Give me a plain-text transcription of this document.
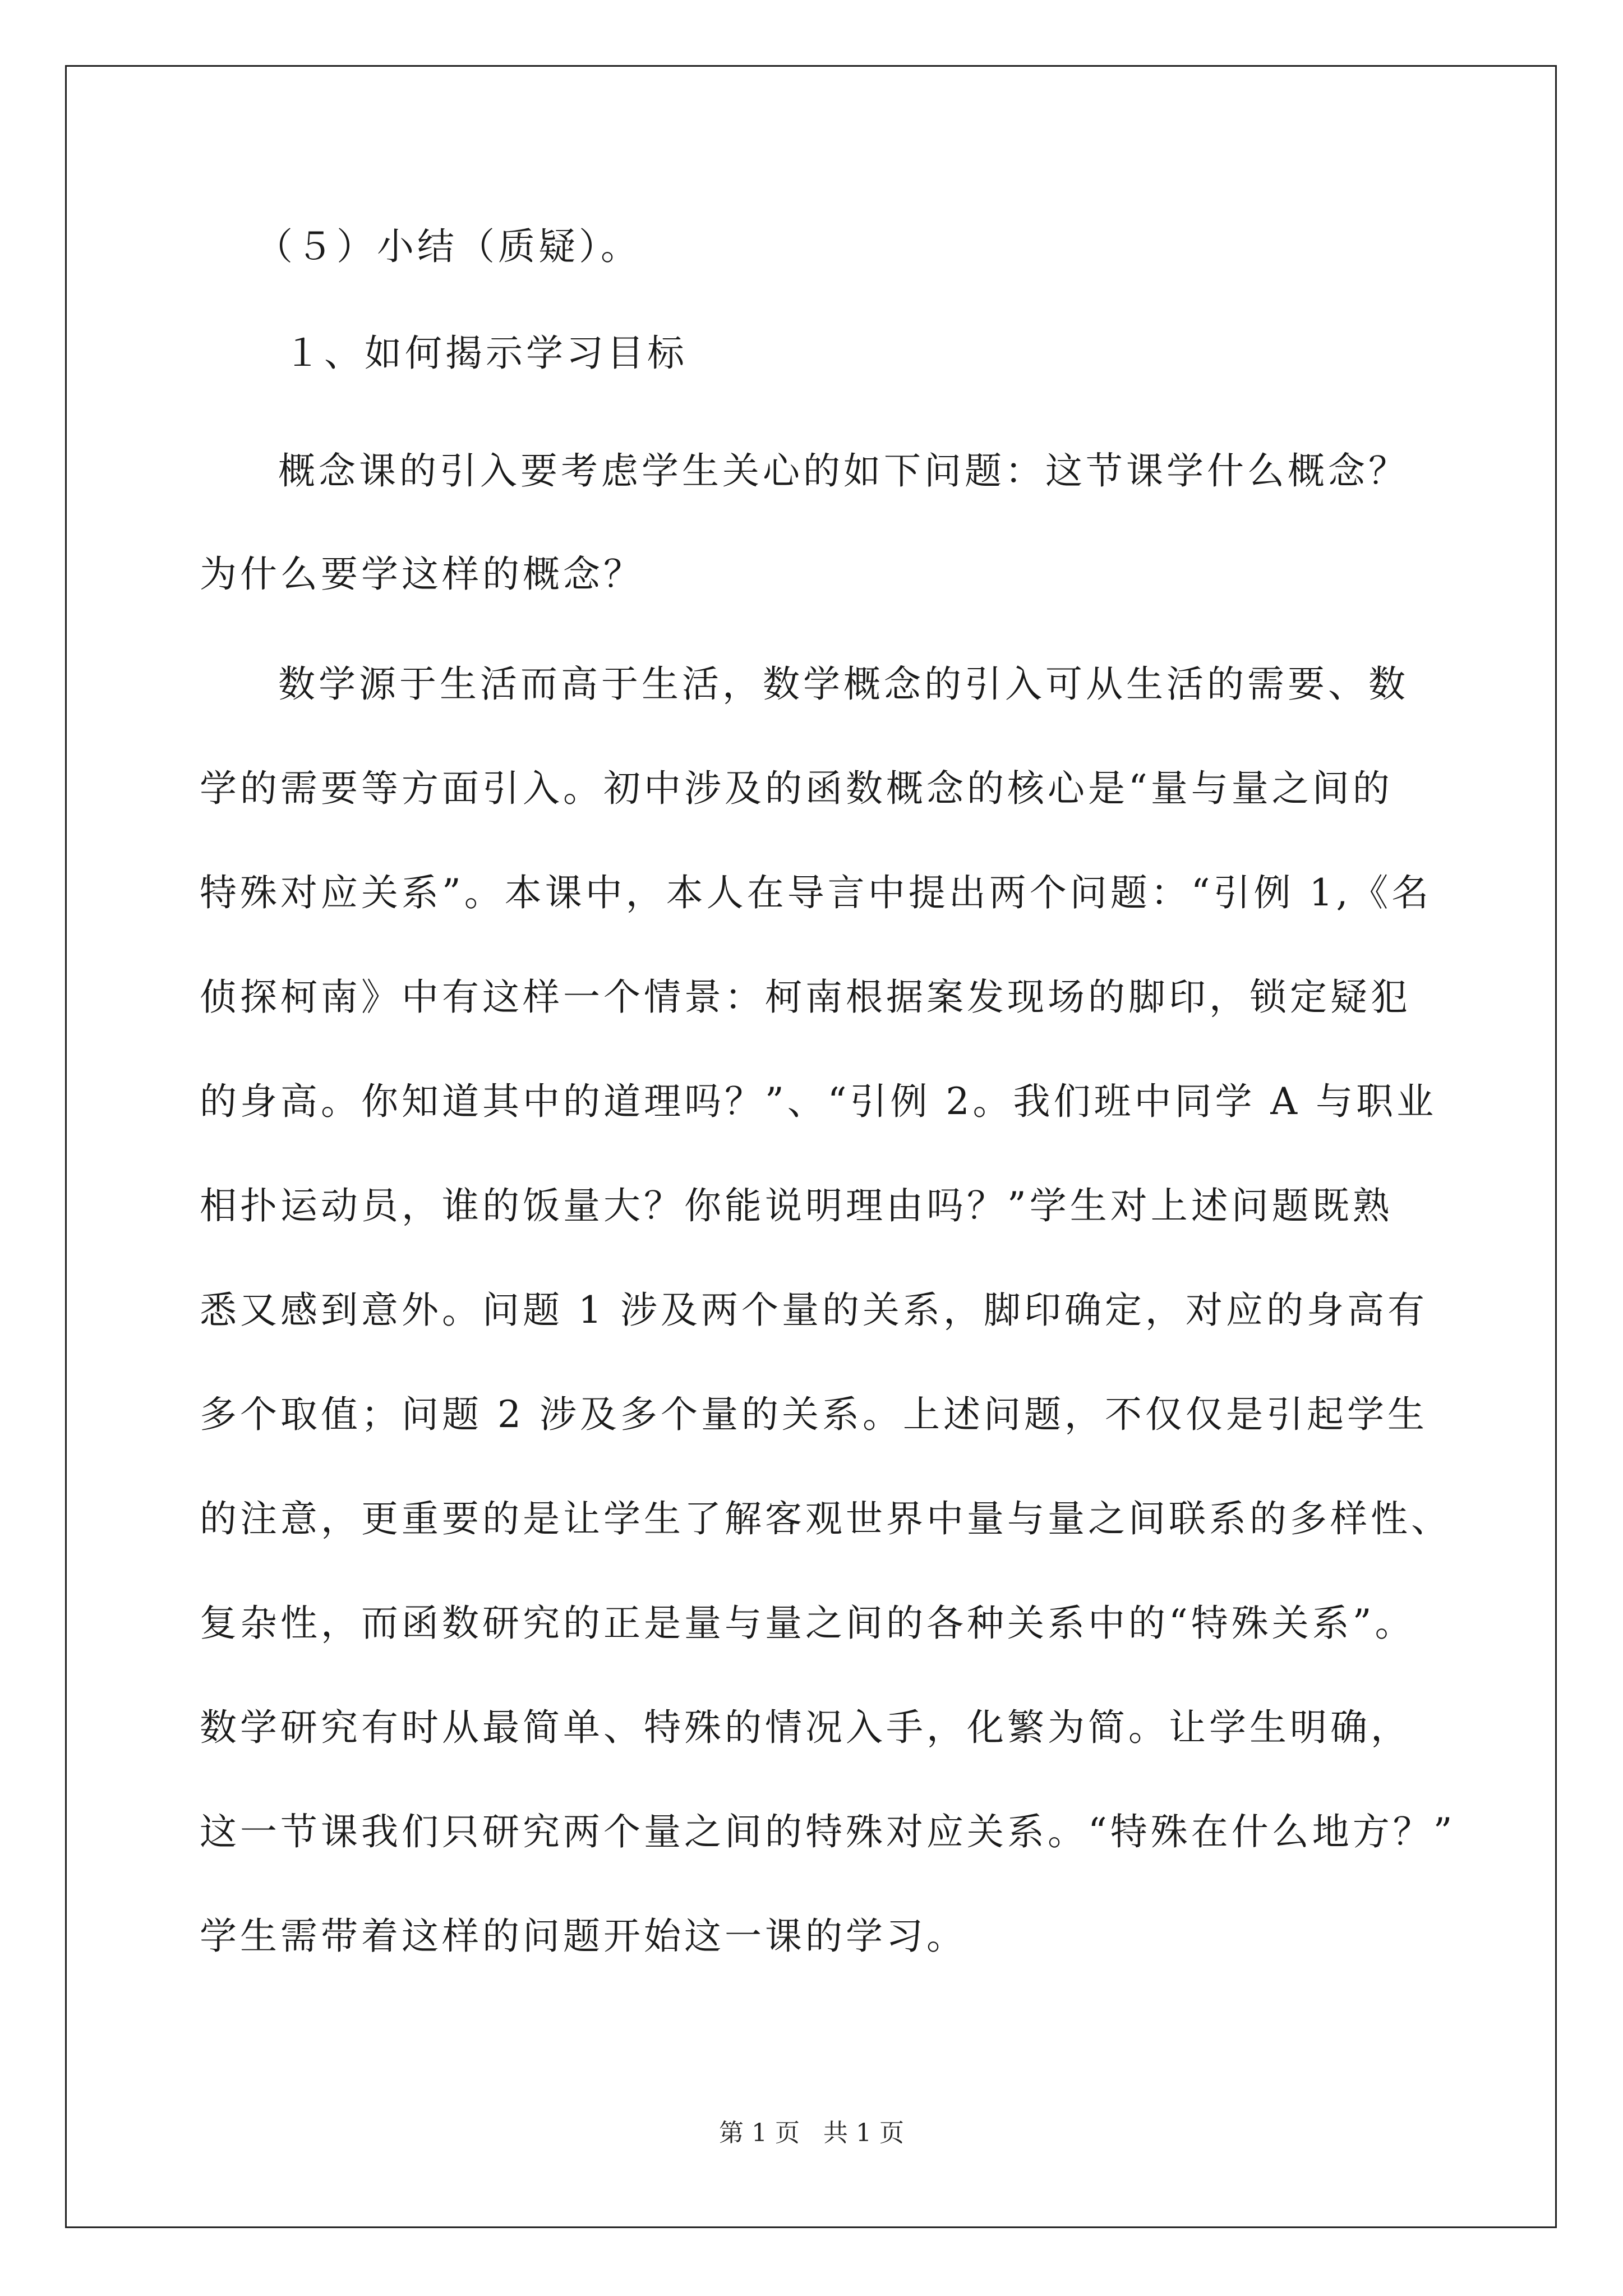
（５）小结（质疑）。
１、如何揭示学习目标
概念课的引入要考虑学生关心的如下问题：这节课学什么概念？
为什么要学这样的概念？
数学源于生活而高于生活，数学概念的引入可从生活的需要、数
学的需要等方面引入。初中涉及的函数概念的核心是“量与量之间的
特殊对应关系”。本课中，本人在导言中提出两个问题：“引例 1,《名
侦探柯南》中有这样一个情景：柯南根据案发现场的脚印，锁定疑犯
的身高。你知道其中的道理吗？”、“引例 2。我们班中同学 A 与职业
相扑运动员，谁的饭量大？你能说明理由吗？”学生对上述问题既熟
悉又感到意外。问题 1 涉及两个量的关系，脚印确定，对应的身高有
多个取值；问题 2 涉及多个量的关系。上述问题，不仅仅是引起学生
的注意，更重要的是让学生了解客观世界中量与量之间联系的多样性、
复杂性，而函数研究的正是量与量之间的各种关系中的“特殊关系”。
数学研究有时从最简单、特殊的情况入手，化繁为简。让学生明确，
这一节课我们只研究两个量之间的特殊对应关系。“特殊在什么地方？”
学生需带着这样的问题开始这一课的学习。
第 1 页 共 1 页
